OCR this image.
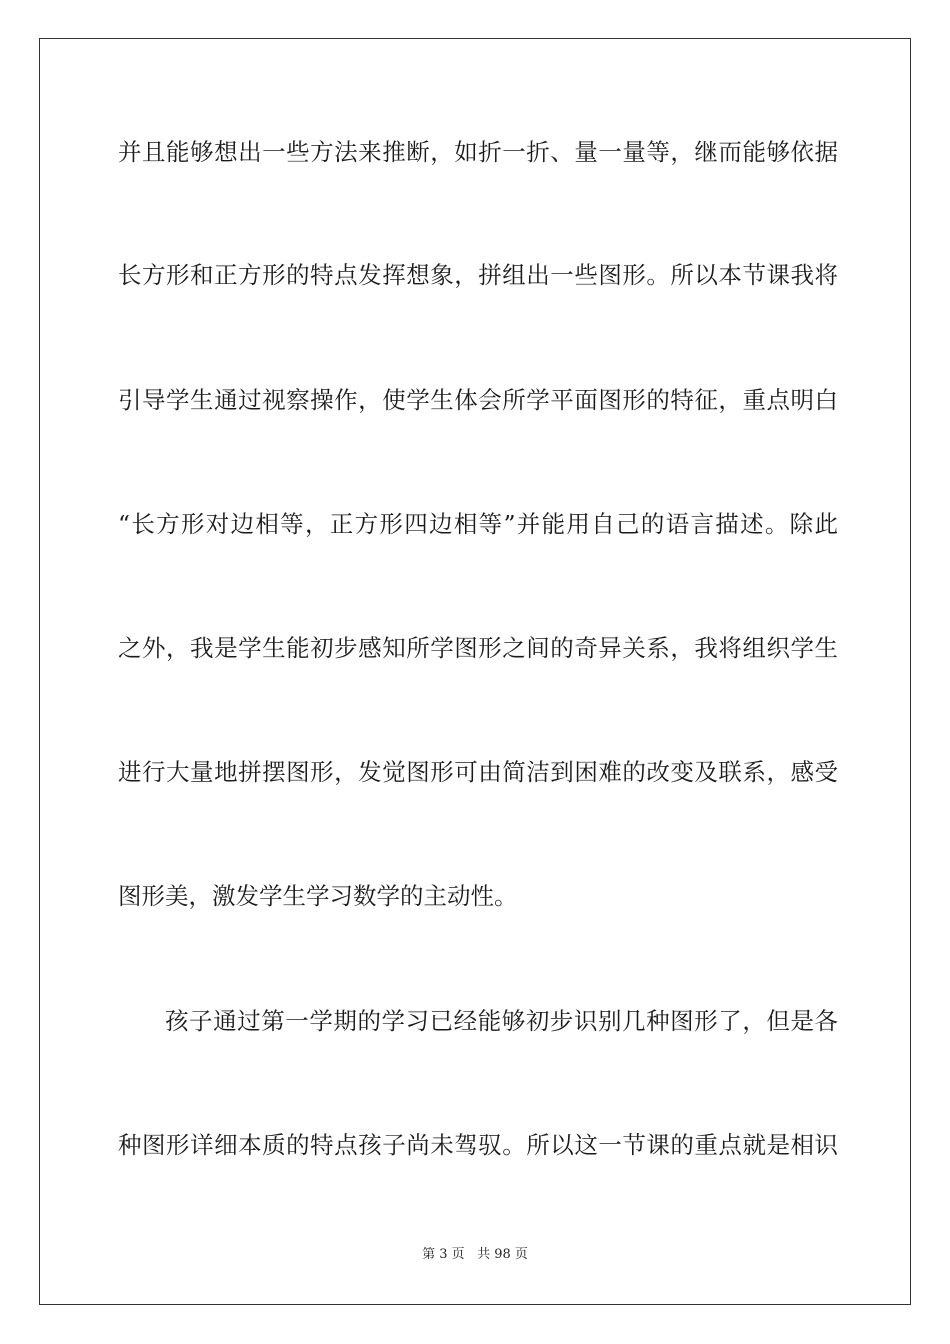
并且能够想出一些方法来推断，如折一折、量一量等，继而能够依据
长方形和正方形的特点发挥想象，拼组出一些图形。所以本节课我将
引导学生通过视察操作，使学生体会所学平面图形的特征，重点明白
“长方形对边相等，正方形四边相等”并能用自己的语言描述。除此
之外，我是学生能初步感知所学图形之间的奇异关系，我将组织学生
进行大量地拼摆图形，发觉图形可由简洁到困难的改变及联系，感受
图形美，激发学生学习数学的主动性。
孩子通过第一学期的学习已经能够初步识别几种图形了，但是各
种图形详细本质的特点孩子尚未驾驭。所以这一节课的重点就是相识
第 3 页 共 98 页
